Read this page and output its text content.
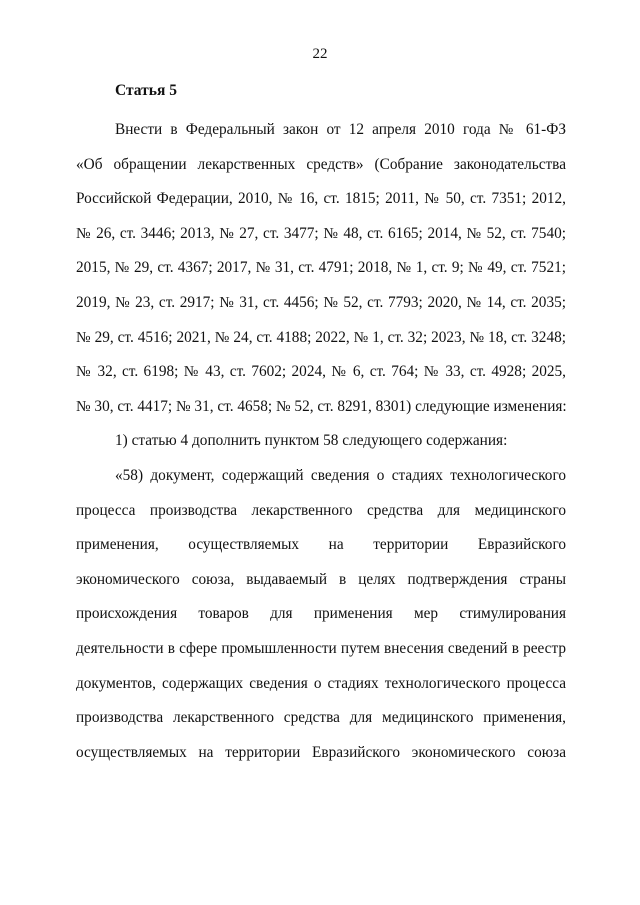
22
Статья 5
Внести в Федеральный закон от 12 апреля 2010 года № 61-ФЗ
«Об обращении лекарственных средств» (Собрание законодательства
Российской Федерации, 2010, № 16, ст. 1815; 2011, № 50, ст. 7351; 2012,
№ 26, ст. 3446; 2013, № 27, ст. 3477; № 48, ст. 6165; 2014, № 52, ст. 7540;
2015, № 29, ст. 4367; 2017, № 31, ст. 4791; 2018, № 1, ст. 9; № 49, ст. 7521;
2019, № 23, ст. 2917; № 31, ст. 4456; № 52, ст. 7793; 2020, № 14, ст. 2035;
№ 29, ст. 4516; 2021, № 24, ст. 4188; 2022, № 1, ст. 32; 2023, № 18, ст. 3248;
№ 32, ст. 6198; № 43, ст. 7602; 2024, № 6, ст. 764; № 33, ст. 4928; 2025,
№ 30, ст. 4417; № 31, ст. 4658; № 52, ст. 8291, 8301) следующие изменения:
1) статью 4 дополнить пунктом 58 следующего содержания:
«58) документ, содержащий сведения о стадиях технологического
процесса производства лекарственного средства для медицинского
применения, осуществляемых на территории Евразийского
экономического союза, выдаваемый в целях подтверждения страны
происхождения товаров для применения мер стимулирования
деятельности в сфере промышленности путем внесения сведений в реестр
документов, содержащих сведения о стадиях технологического процесса
производства лекарственного средства для медицинского применения,
осуществляемых на территории Евразийского экономического союза
